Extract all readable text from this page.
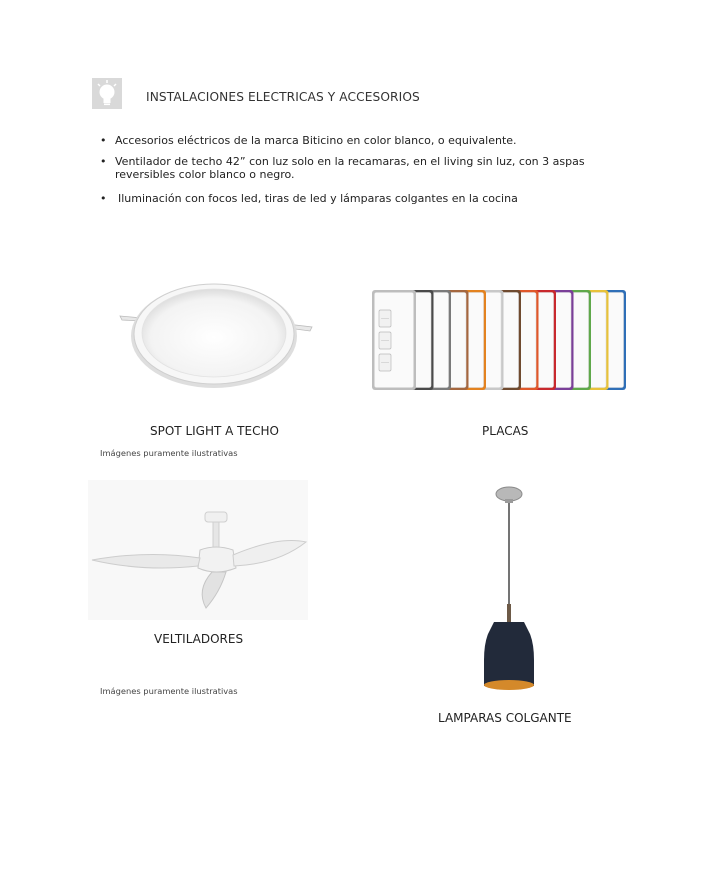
INSTALACIONES ELECTRICAS Y ACCESORIOS
• Accesorios eléctricos de la marca Biticino en color blanco, o equivalente.
• Ventilador de techo 42” con luz solo en la recamaras, en el living sin luz, con 3 aspas reversibles color blanco o negro.
• Iluminación con focos led, tiras de led y lámparas colgantes en la cocina
SPOT LIGHT A TECHO	PLACAS
Imágenes puramente ilustrativas
VELTILADORES
Imágenes puramente ilustrativas
LAMPARAS COLGANTE
